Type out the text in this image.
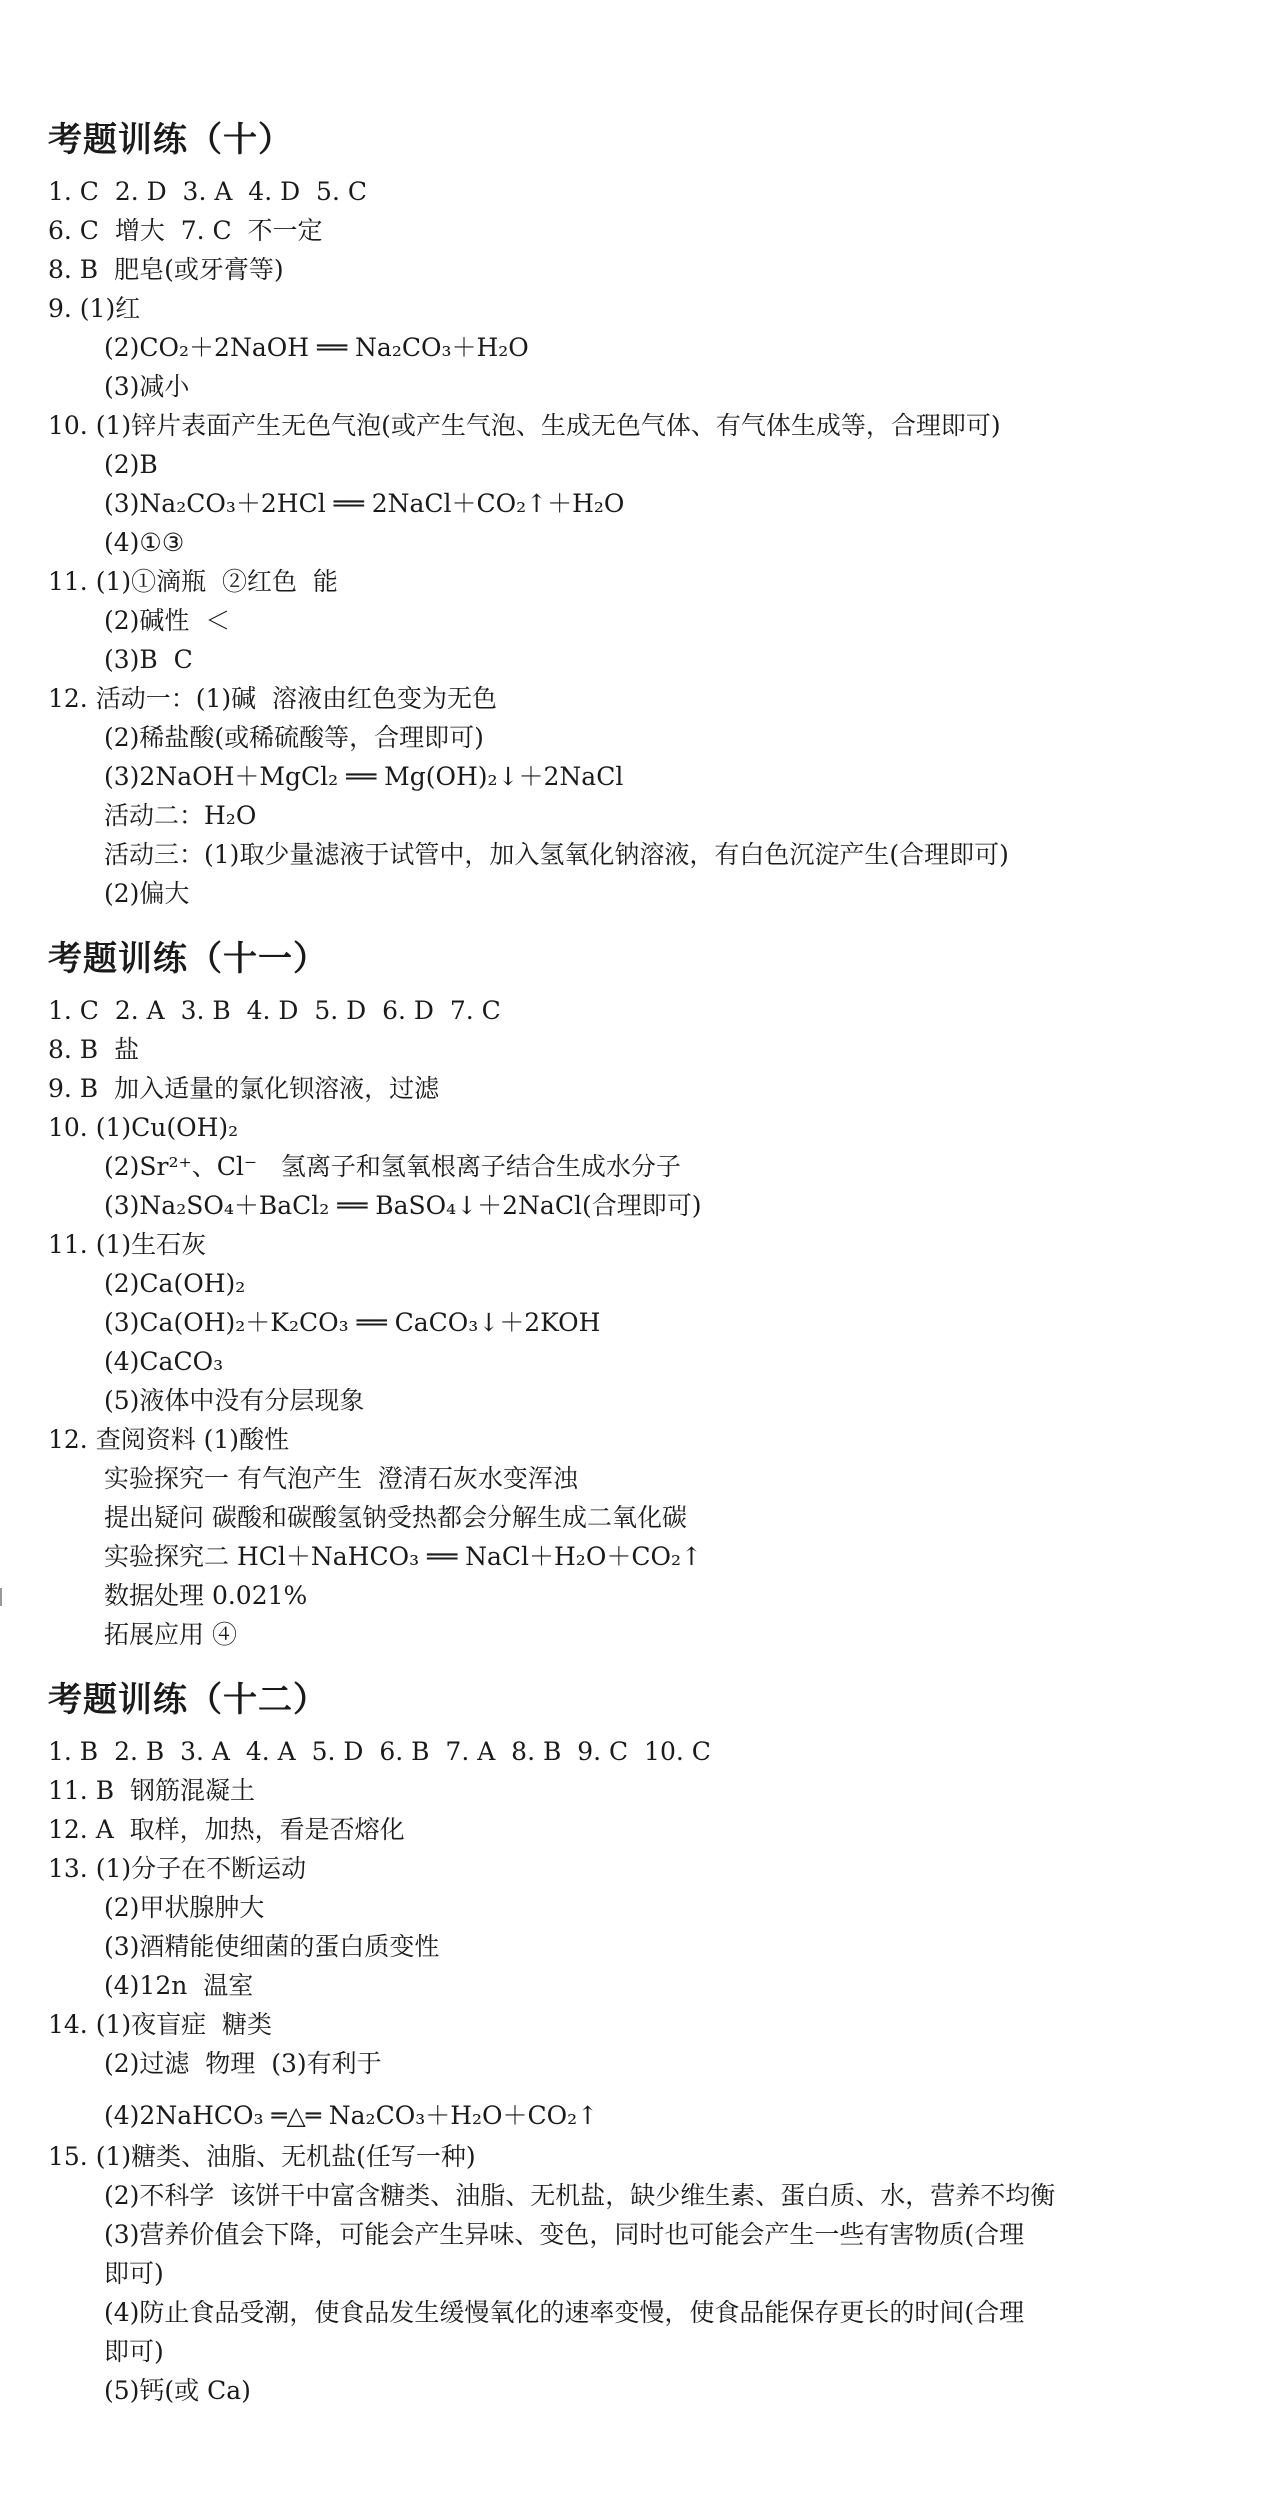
考题训练（十）
1. C  2. D  3. A  4. D  5. C
6. C  增大  7. C  不一定
8. B  肥皂(或牙膏等)
9. (1)红
(2)CO₂＋2NaOH ══ Na₂CO₃＋H₂O
(3)减小
10. (1)锌片表面产生无色气泡(或产生气泡、生成无色气体、有气体生成等，合理即可)
(2)B
(3)Na₂CO₃＋2HCl ══ 2NaCl＋CO₂↑＋H₂O
(4)①③
11. (1)①滴瓶  ②红色  能
(2)碱性  ＜
(3)B  C
12. 活动一：(1)碱  溶液由红色变为无色
(2)稀盐酸(或稀硫酸等，合理即可)
(3)2NaOH＋MgCl₂ ══ Mg(OH)₂↓＋2NaCl
活动二：H₂O
活动三：(1)取少量滤液于试管中，加入氢氧化钠溶液，有白色沉淀产生(合理即可)
(2)偏大
考题训练（十一）
1. C  2. A  3. B  4. D  5. D  6. D  7. C
8. B  盐
9. B  加入适量的氯化钡溶液，过滤
10. (1)Cu(OH)₂
(2)Sr²⁺、Cl⁻   氢离子和氢氧根离子结合生成水分子
(3)Na₂SO₄＋BaCl₂ ══ BaSO₄↓＋2NaCl(合理即可)
11. (1)生石灰
(2)Ca(OH)₂
(3)Ca(OH)₂＋K₂CO₃ ══ CaCO₃↓＋2KOH
(4)CaCO₃
(5)液体中没有分层现象
12. 查阅资料 (1)酸性
实验探究一 有气泡产生  澄清石灰水变浑浊
提出疑问 碳酸和碳酸氢钠受热都会分解生成二氧化碳
实验探究二 HCl＋NaHCO₃ ══ NaCl＋H₂O＋CO₂↑
数据处理 0.021%
拓展应用 ④
考题训练（十二）
1. B  2. B  3. A  4. A  5. D  6. B  7. A  8. B  9. C  10. C
11. B  钢筋混凝土
12. A  取样，加热，看是否熔化
13. (1)分子在不断运动
(2)甲状腺肿大
(3)酒精能使细菌的蛋白质变性
(4)12n  温室
14. (1)夜盲症  糖类
(2)过滤  物理  (3)有利于
(4)2NaHCO₃ ═△═ Na₂CO₃＋H₂O＋CO₂↑
15. (1)糖类、油脂、无机盐(任写一种)
(2)不科学  该饼干中富含糖类、油脂、无机盐，缺少维生素、蛋白质、水，营养不均衡
(3)营养价值会下降，可能会产生异味、变色，同时也可能会产生一些有害物质(合理
即可)
(4)防止食品受潮，使食品发生缓慢氧化的速率变慢，使食品能保存更长的时间(合理
即可)
(5)钙(或 Ca)
